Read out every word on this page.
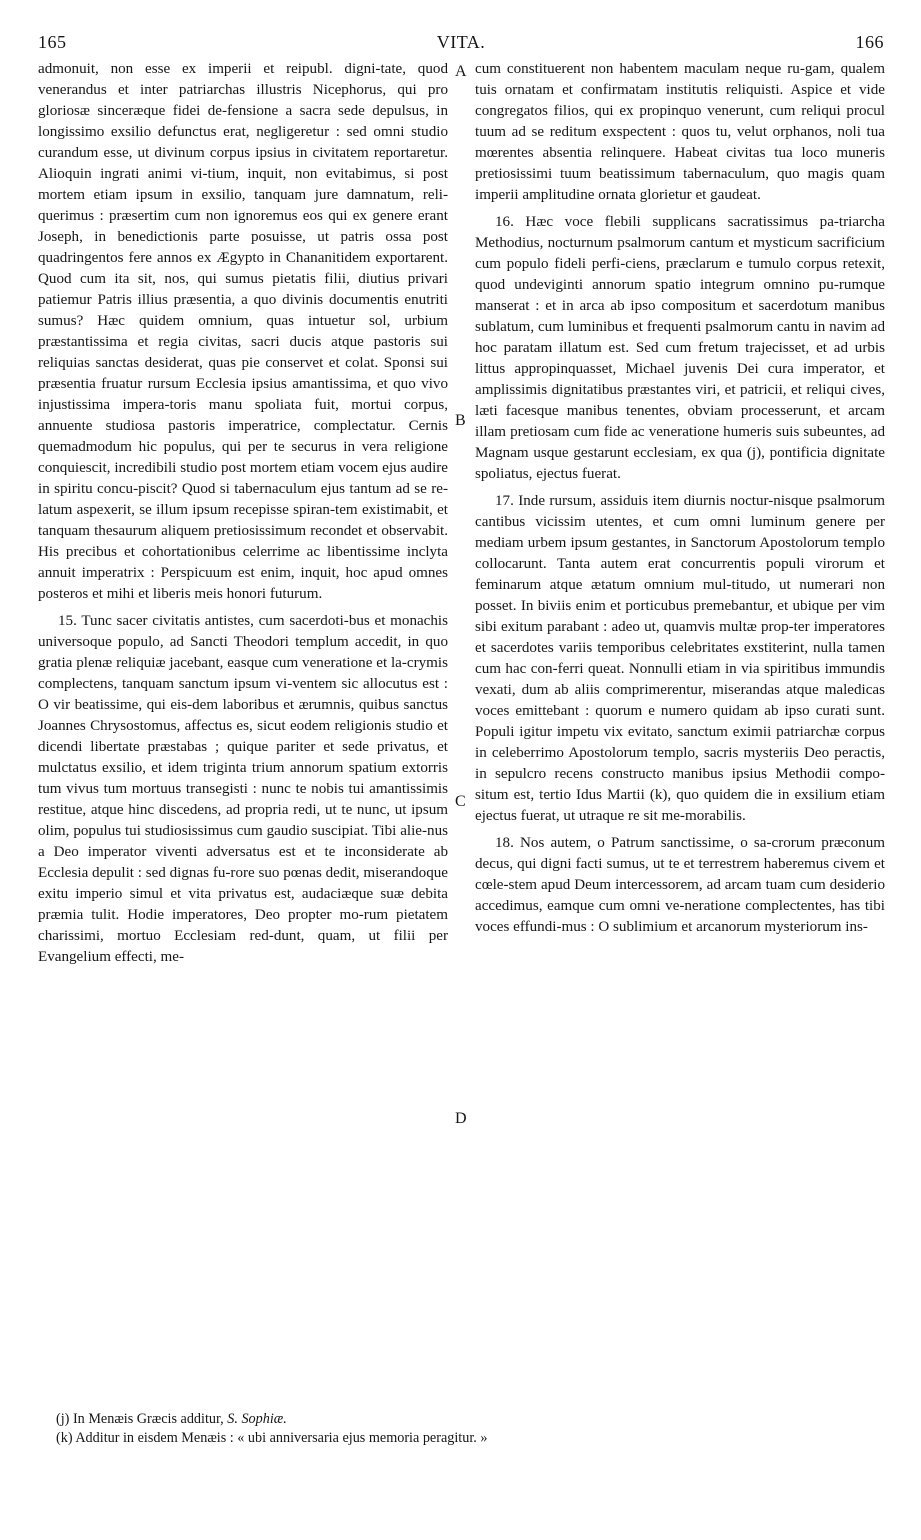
165	VITA.	166

admonuit, non esse ex imperii et reipubl. digni-tate, quod venerandus et inter patriarchas illustris Nicephorus, qui pro gloriosæ sinceræque fidei de-fensione a sacra sede depulsus, in longissimo exsilio defunctus erat, negligeretur : sed omni studio curandum esse, ut divinum corpus ipsius in civitatem reportaretur. Alioquin ingrati animi vi-tium, inquit, non evitabimus, si post mortem etiam ipsum in exsilio, tanquam jure damnatum, reli-querimus : præsertim cum non ignoremus eos qui ex genere erant Joseph, in benedictionis parte posuisse, ut patris ossa post quadringentos fere annos ex Ægypto in Chananitidem exportarent. Quod cum ita sit, nos, qui sumus pietatis filii, diutius privari patiemur Patris illius præsentia, a quo divinis documentis enutriti sumus? Hæc quidem omnium, quas intuetur sol, urbium præstantissima et regia civitas, sacri ducis atque pastoris sui reliquias sanctas desiderat, quas pie conservet et colat. Sponsi sui præsentia fruatur rursum Ecclesia ipsius amantissima, et quo vivo injustissima impera-toris manu spoliata fuit, mortui corpus, annuente studiosa pastoris imperatrice, complectatur. Cernis quemadmodum hic populus, qui per te securus in vera religione conquiescit, incredibili studio post mortem etiam vocem ejus audire in spiritu concu-piscit? Quod si tabernaculum ejus tantum ad se re-latum aspexerit, se illum ipsum recepisse spiran-tem existimabit, et tanquam thesaurum aliquem pretiosissimum recondet et observabit. His precibus et cohortationibus celerrime ac libentissime inclyta annuit imperatrix : Perspicuum est enim, inquit, hoc apud omnes posteros et mihi et liberis meis honori futurum.

15. Tunc sacer civitatis antistes, cum sacerdoti-bus et monachis universoque populo, ad Sancti Theodori templum accedit, in quo gratia plenæ reliquiæ jacebant, easque cum veneratione et la-crymis complectens, tanquam sanctum ipsum vi-ventem sic allocutus est : O vir beatissime, qui eis-dem laboribus et ærumnis, quibus sanctus Joannes Chrysostomus, affectus es, sicut eodem religionis studio et dicendi libertate præstabas ; quique pariter et sede privatus, et mulctatus exsilio, et idem triginta trium annorum spatium extorris tum vivus tum mortuus transegisti : nunc te nobis tui amantissimis restitue, atque hinc discedens, ad propria redi, ut te nunc, ut ipsum olim, populus tui studiosissimus cum gaudio suscipiat. Tibi alie-nus a Deo imperator viventi adversatus est et te inconsiderate ab Ecclesia depulit : sed dignas fu-rore suo pœnas dedit, miserandoque exitu imperio simul et vita privatus est, audaciæque suæ debita præmia tulit. Hodie imperatores, Deo propter mo-rum pietatem charissimi, mortuo Ecclesiam red-dunt, quam, ut filii per Evangelium effecti, me-

A
B
C
D

cum constituerent non habentem maculam neque ru-gam, qualem tuis ornatam et confirmatam institutis reliquisti. Aspice et vide congregatos filios, qui ex propinquo venerunt, cum reliqui procul tuum ad se reditum exspectent : quos tu, velut orphanos, noli tua mœrentes absentia relinquere. Habeat civitas tua loco muneris pretiosissimi tuum beatissimum tabernaculum, quo magis quam imperii amplitudine ornata glorietur et gaudeat.

16. Hæc voce flebili supplicans sacratissimus pa-triarcha Methodius, nocturnum psalmorum cantum et mysticum sacrificium cum populo fideli perfi-ciens, præclarum e tumulo corpus retexit, quod undeviginti annorum spatio integrum omnino pu-rumque manserat : et in arca ab ipso compositum et sacerdotum manibus sublatum, cum luminibus et frequenti psalmorum cantu in navim ad hoc paratam illatum est. Sed cum fretum trajecisset, et ad urbis littus appropinquasset, Michael juvenis Dei cura imperator, et amplissimis dignitatibus præstantes viri, et patricii, et reliqui cives, læti facesque manibus tenentes, obviam processerunt, et arcam illam pretiosam cum fide ac veneratione humeris suis subeuntes, ad Magnam usque gestarunt ecclesiam, ex qua (j), pontificia dignitate spoliatus, ejectus fuerat.

17. Inde rursum, assiduis item diurnis noctur-nisque psalmorum cantibus vicissim utentes, et cum omni luminum genere per mediam urbem ipsum gestantes, in Sanctorum Apostolorum templo collocarunt. Tanta autem erat concurrentis populi virorum et feminarum atque ætatum omnium mul-titudo, ut numerari non posset. In biviis enim et porticubus premebantur, et ubique per vim sibi exitum parabant : adeo ut, quamvis multæ prop-ter imperatores et sacerdotes variis temporibus celebritates exstiterint, nulla tamen cum hac con-ferri queat. Nonnulli etiam in via spiritibus immundis vexati, dum ab aliis comprimerentur, miserandas atque maledicas voces emittebant : quorum e numero quidam ab ipso curati sunt. Populi igitur impetu vix evitato, sanctum eximii patriarchæ corpus in celeberrimo Apostolorum templo, sacris mysteriis Deo peractis, in sepulcro recens constructo manibus ipsius Methodii compo-situm est, tertio Idus Martii (k), quo quidem die in exsilium etiam ejectus fuerat, ut utraque re sit me-morabilis.

18. Nos autem, o Patrum sanctissime, o sa-crorum præconum decus, qui digni facti sumus, ut te et terrestrem haberemus civem et cœle-stem apud Deum intercessorem, ad arcam tuam cum desiderio accedimus, eamque cum omni ve-neratione complectentes, has tibi voces effundi-mus : O sublimium et arcanorum mysteriorum ins-

(j) In Menæis Græcis additur, S. Sophiæ.
(k) Additur in eisdem Menæis : « ubi anniversaria ejus memoria peragitur. »
